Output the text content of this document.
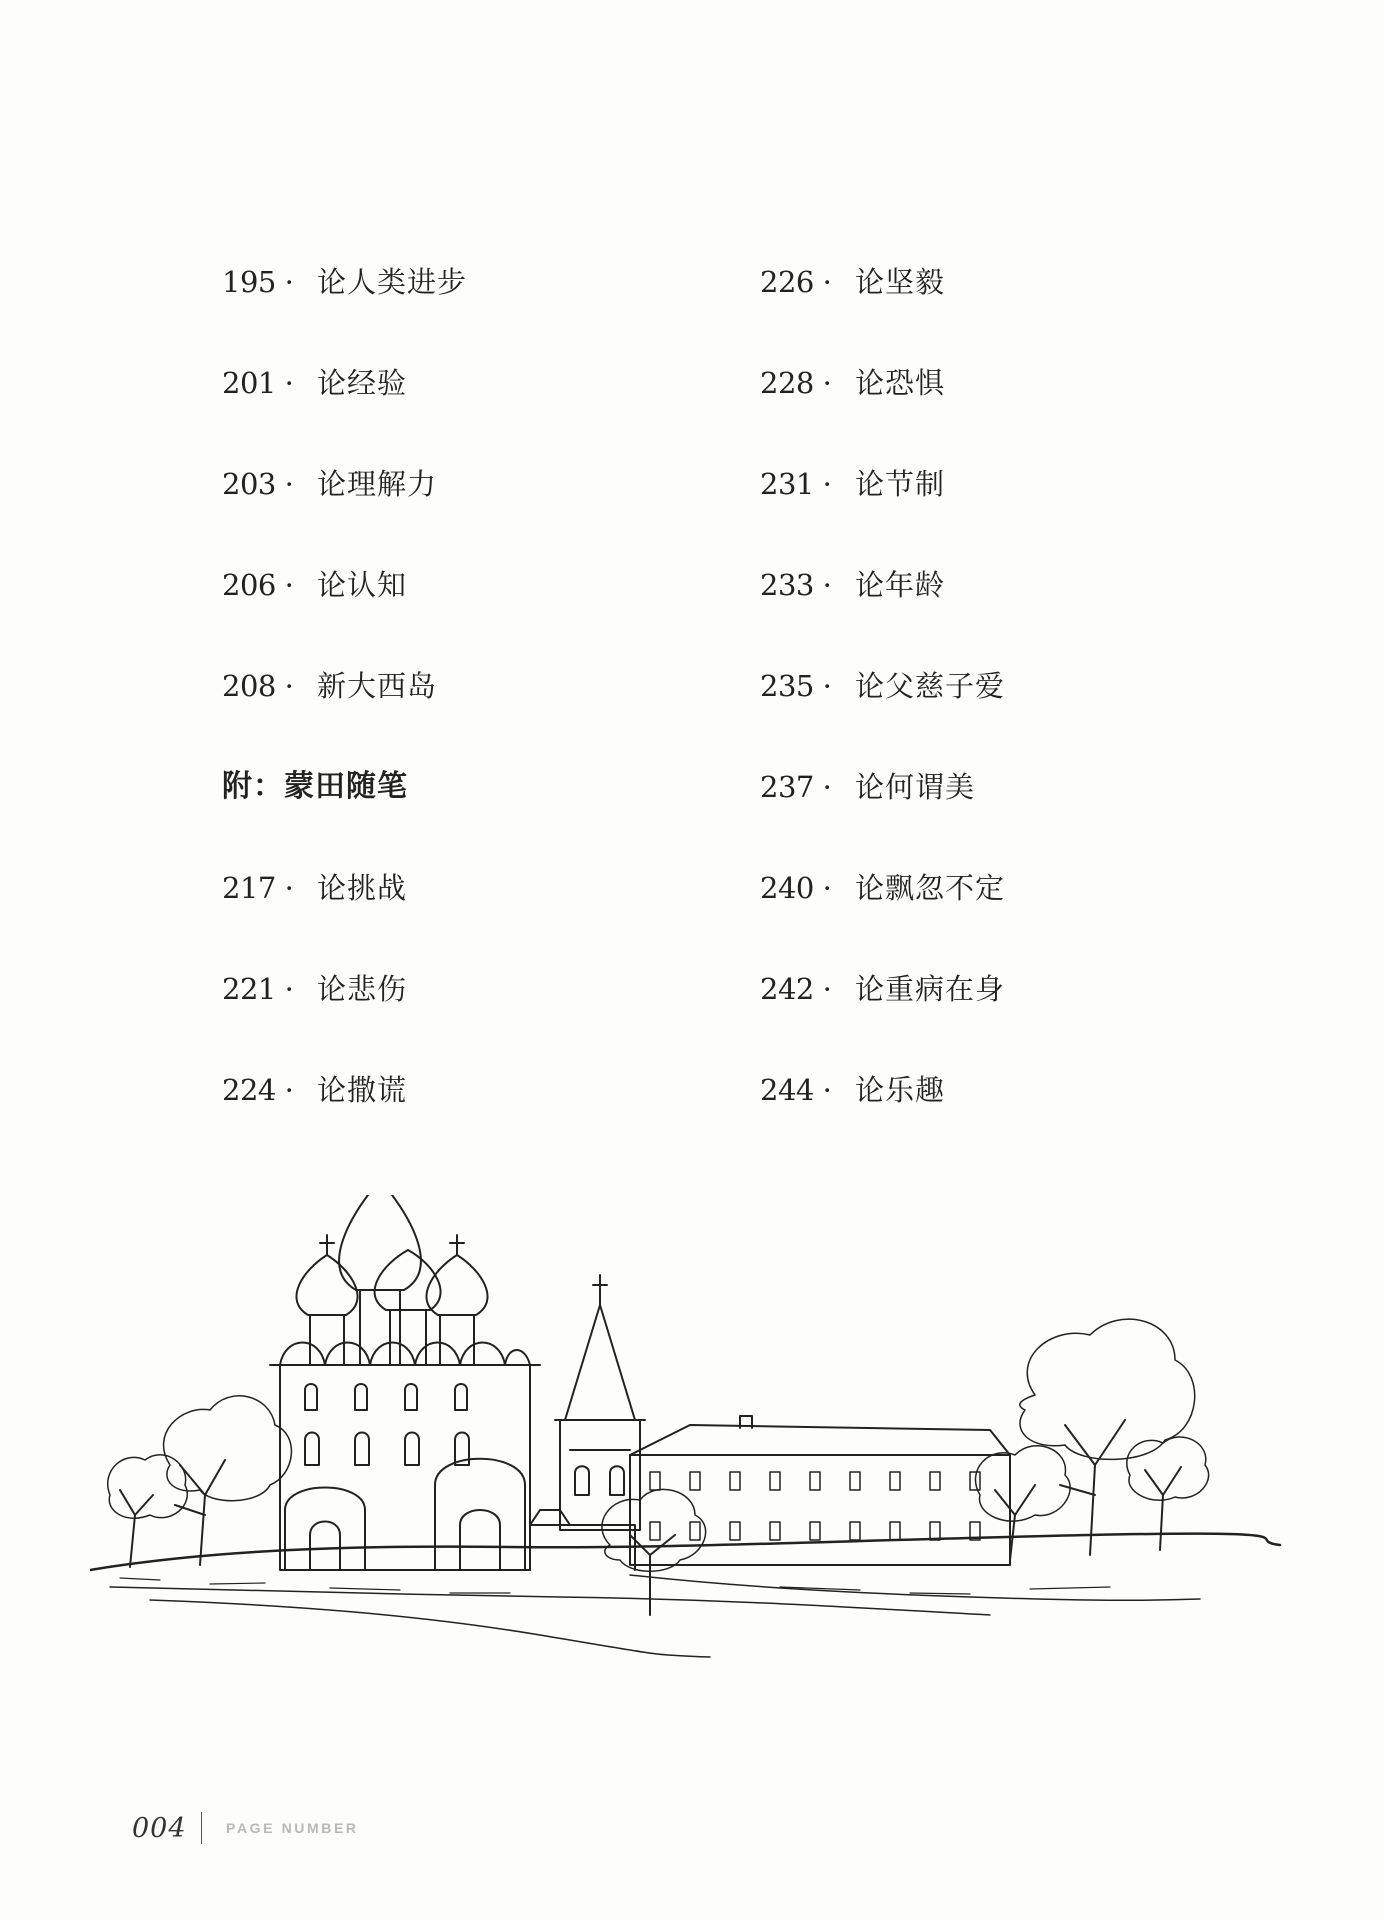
195 · 论人类进步
201 · 论经验
203 · 论理解力
206 · 论认知
208 · 新大西岛
附：蒙田随笔
217 · 论挑战
221 · 论悲伤
224 · 论撒谎
226 · 论坚毅
228 · 论恐惧
231 · 论节制
233 · 论年龄
235 · 论父慈子爱
237 · 论何谓美
240 · 论飘忽不定
242 · 论重病在身
244 · 论乐趣
004	PAGE NUMBER
